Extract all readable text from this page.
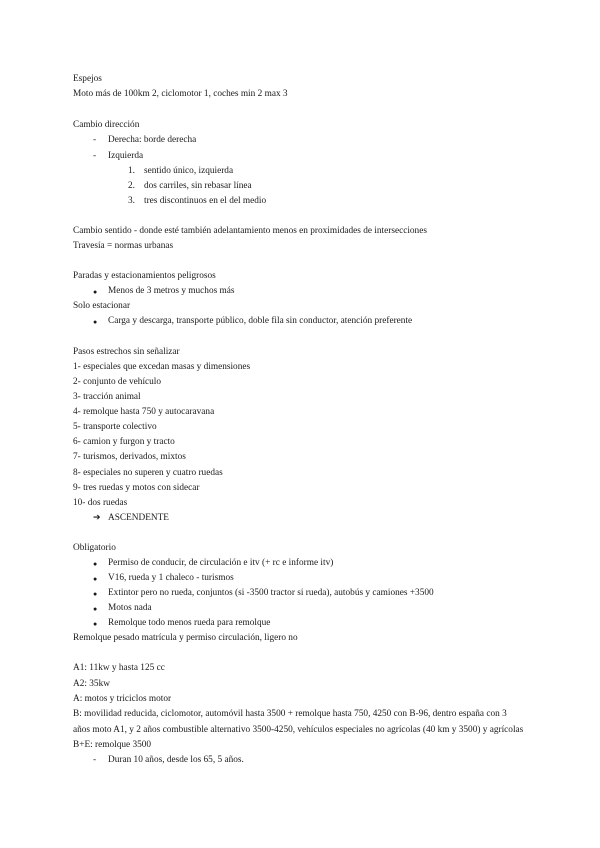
Espejos
Moto más de 100km 2, ciclomotor 1, coches min 2 max 3
Cambio dirección
- Derecha: borde derecha
- Izquierda
1. sentido único, izquierda
2. dos carriles, sin rebasar línea
3. tres discontinuos en el del medio
Cambio sentido - donde esté también adelantamiento menos en proximidades de intersecciones
Travesía = normas urbanas
Paradas y estacionamientos peligrosos
● Menos de 3 metros y muchos más
Solo estacionar
● Carga y descarga, transporte público, doble fila sin conductor, atención preferente
Pasos estrechos sin señalizar
1- especiales que excedan masas y dimensiones
2- conjunto de vehículo
3- tracción animal
4- remolque hasta 750 y autocaravana
5- transporte colectivo
6- camion y furgon y tracto
7- turismos, derivados, mixtos
8- especiales no superen y cuatro ruedas
9- tres ruedas y motos con sidecar
10- dos ruedas
➔ ASCENDENTE
Obligatorio
● Permiso de conducir, de circulación e itv (+ rc e informe itv)
● V16, rueda y 1 chaleco - turismos
● Extintor pero no rueda, conjuntos (si -3500 tractor si rueda), autobús y camiones +3500
● Motos nada
● Remolque todo menos rueda para remolque
Remolque pesado matrícula y permiso circulación, ligero no
A1: 11kw y hasta 125 cc
A2: 35kw
A: motos y triciclos motor
B: movilidad reducida, ciclomotor, automóvil hasta 3500 + remolque hasta 750, 4250 con B-96, dentro españa con 3 años moto A1, y 2 años combustible alternativo 3500-4250, vehículos especiales no agrícolas (40 km y 3500) y agrícolas
B+E: remolque 3500
- Duran 10 años, desde los 65, 5 años.
